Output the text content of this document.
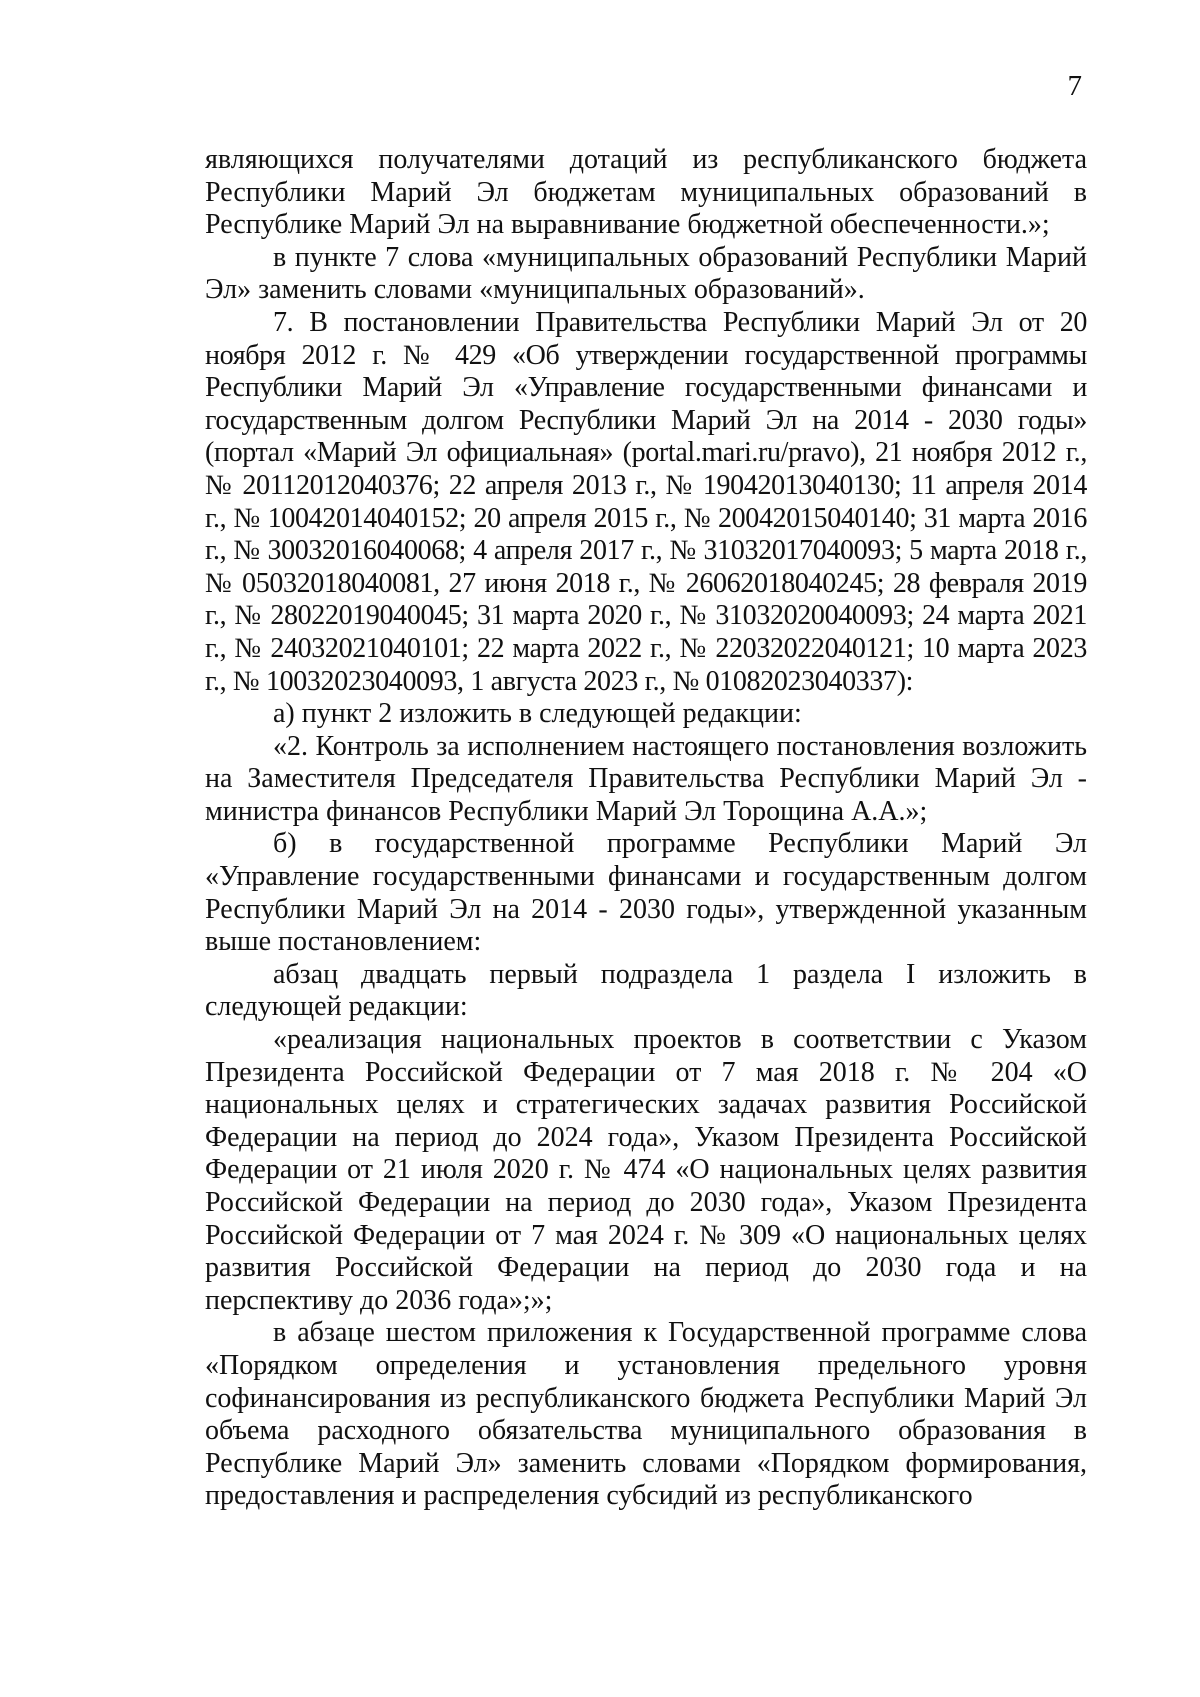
7

являющихся получателями дотаций из республиканского бюджета Республики Марий Эл бюджетам муниципальных образований в Республике Марий Эл на выравнивание бюджетной обеспеченности.»;

в пункте 7 слова «муниципальных образований Республики Марий Эл» заменить словами «муниципальных образований».

7. В постановлении Правительства Республики Марий Эл от 20 ноября 2012 г. № 429 «Об утверждении государственной программы Республики Марий Эл «Управление государственными финансами и государственным долгом Республики Марий Эл на 2014 - 2030 годы» (портал «Марий Эл официальная» (portal.mari.ru/pravo), 21 ноября 2012 г., № 20112012040376; 22 апреля 2013 г., № 19042013040130; 11 апреля 2014 г., № 10042014040152; 20 апреля 2015 г., № 20042015040140; 31 марта 2016 г., № 30032016040068; 4 апреля 2017 г., № 31032017040093; 5 марта 2018 г., № 05032018040081, 27 июня 2018 г., № 26062018040245; 28 февраля 2019 г., № 28022019040045; 31 марта 2020 г., № 31032020040093; 24 марта 2021 г., № 24032021040101; 22 марта 2022 г., № 22032022040121; 10 марта 2023 г., № 10032023040093, 1 августа 2023 г., № 01082023040337):

а) пункт 2 изложить в следующей редакции:

«2. Контроль за исполнением настоящего постановления возложить на Заместителя Председателя Правительства Республики Марий Эл - министра финансов Республики Марий Эл Торощина А.А.»;

б) в государственной программе Республики Марий Эл «Управление государственными финансами и государственным долгом Республики Марий Эл на 2014 - 2030 годы», утвержденной указанным выше постановлением:

абзац двадцать первый подраздела 1 раздела I изложить в следующей редакции:

«реализация национальных проектов в соответствии с Указом Президента Российской Федерации от 7 мая 2018 г. № 204 «О национальных целях и стратегических задачах развития Российской Федерации на период до 2024 года», Указом Президента Российской Федерации от 21 июля 2020 г. № 474 «О национальных целях развития Российской Федерации на период до 2030 года», Указом Президента Российской Федерации от 7 мая 2024 г. № 309 «О национальных целях развития Российской Федерации на период до 2030 года и на перспективу до 2036 года»;»;

в абзаце шестом приложения к Государственной программе слова «Порядком определения и установления предельного уровня софинансирования из республиканского бюджета Республики Марий Эл объема расходного обязательства муниципального образования в Республике Марий Эл» заменить словами «Порядком формирования, предоставления и распределения субсидий из республиканского
